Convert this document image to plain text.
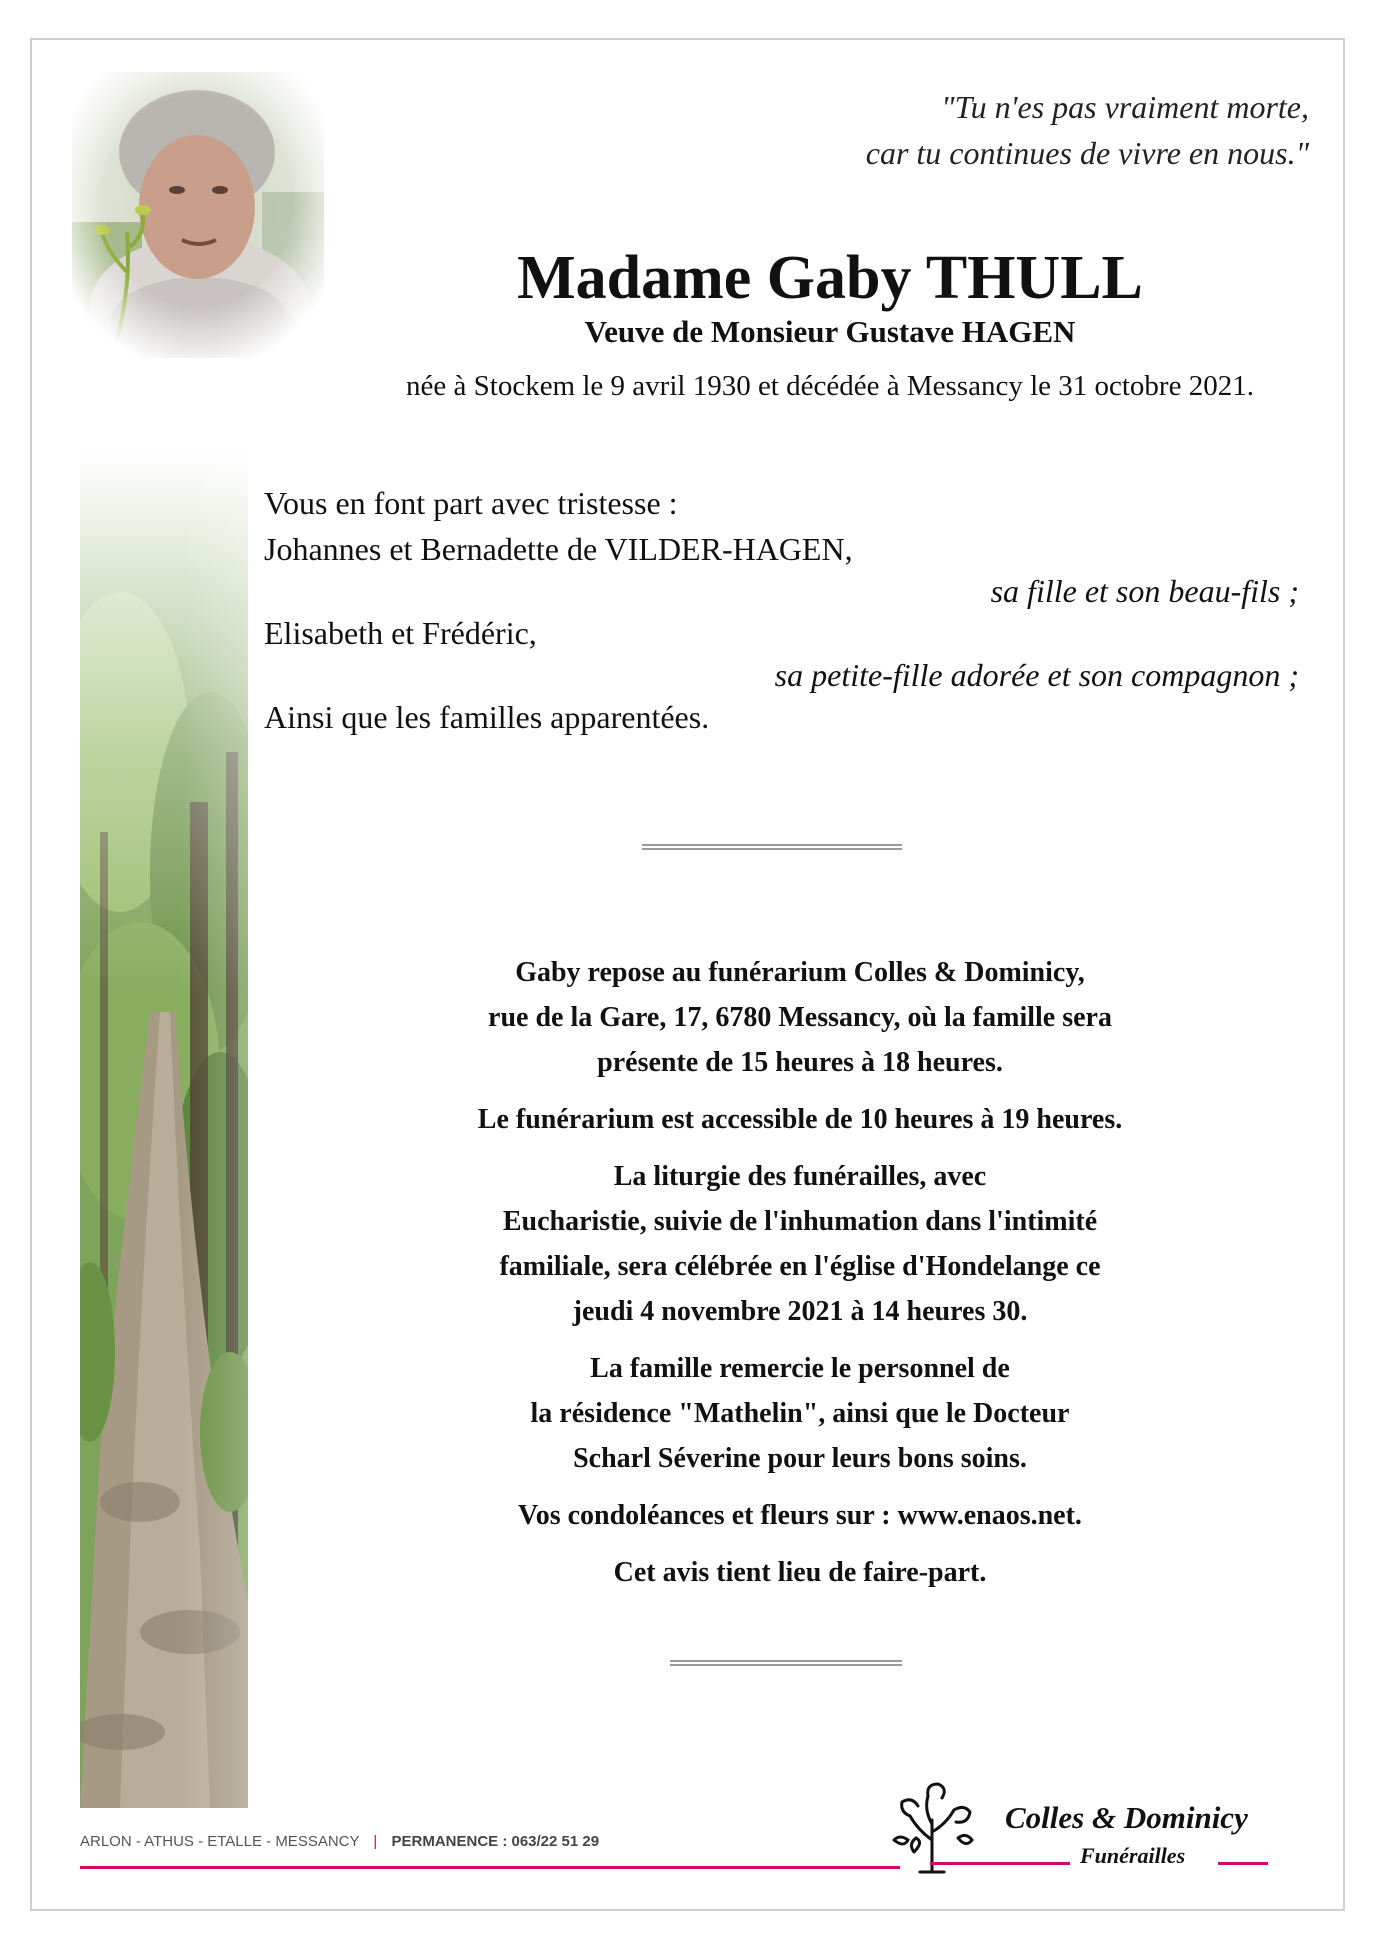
"Tu n'es pas vraiment morte,
car tu continues de vivre en nous."
Madame Gaby THULL
Veuve de Monsieur Gustave HAGEN
née à Stockem le 9 avril 1930 et décédée à Messancy le 31 octobre 2021.
Vous en font part avec tristesse :
Johannes et Bernadette de VILDER-HAGEN,
sa fille et son beau-fils ;
Elisabeth et Frédéric,
sa petite-fille adorée et son compagnon ;
Ainsi que les familles apparentées.

Gaby repose au funérarium Colles & Dominicy,
rue de la Gare, 17, 6780 Messancy, où la famille sera
présente de 15 heures à 18 heures.

Le funérarium est accessible de 10 heures à 19 heures.

La liturgie des funérailles, avec
Eucharistie, suivie de l'inhumation dans l'intimité
familiale, sera célébrée en l'église d'Hondelange ce
jeudi 4 novembre 2021 à 14 heures 30.

La famille remercie le personnel de
la résidence "Mathelin", ainsi que le Docteur
Scharl Séverine pour leurs bons soins.

Vos condoléances et fleurs sur : www.enaos.net.

Cet avis tient lieu de faire-part.

ARLON - ATHUS - ETALLE - MESSANCY | PERMANENCE : 063/22 51 29
Colles & Dominicy
Funérailles
